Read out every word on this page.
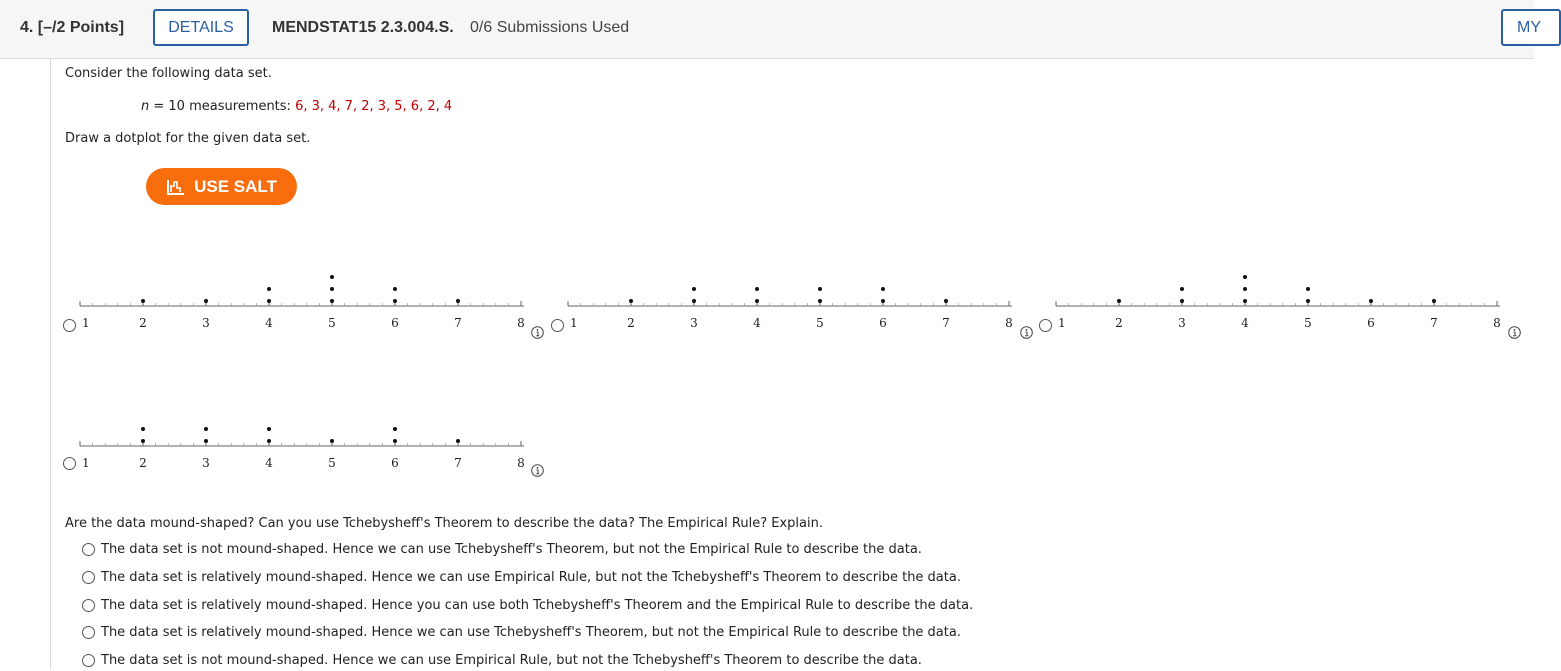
4. [–/2 Points]	DETAILS	MENDSTAT15 2.3.004.S. 0/6 Submissions Used	MY
Consider the following data set.
n = 10 measurements: 6, 3, 4, 7, 2, 3, 5, 6, 2, 4
Draw a dotplot for the given data set.
USE SALT
1	2	3	4	5	6	7	8	1	2	3	4	5	6	7	8	1	2	3	4	5	6	7	8
1	2	3	4	5	6	7	8
Are the data mound-shaped? Can you use Tchebysheff's Theorem to describe the data? The Empirical Rule? Explain.
The data set is not mound-shaped. Hence we can use Tchebysheff's Theorem, but not the Empirical Rule to describe the data.
The data set is relatively mound-shaped. Hence we can use Empirical Rule, but not the Tchebysheff's Theorem to describe the data.
The data set is relatively mound-shaped. Hence you can use both Tchebysheff's Theorem and the Empirical Rule to describe the data.
The data set is relatively mound-shaped. Hence we can use Tchebysheff's Theorem, but not the Empirical Rule to describe the data.
The data set is not mound-shaped. Hence we can use Empirical Rule, but not the Tchebysheff's Theorem to describe the data.
